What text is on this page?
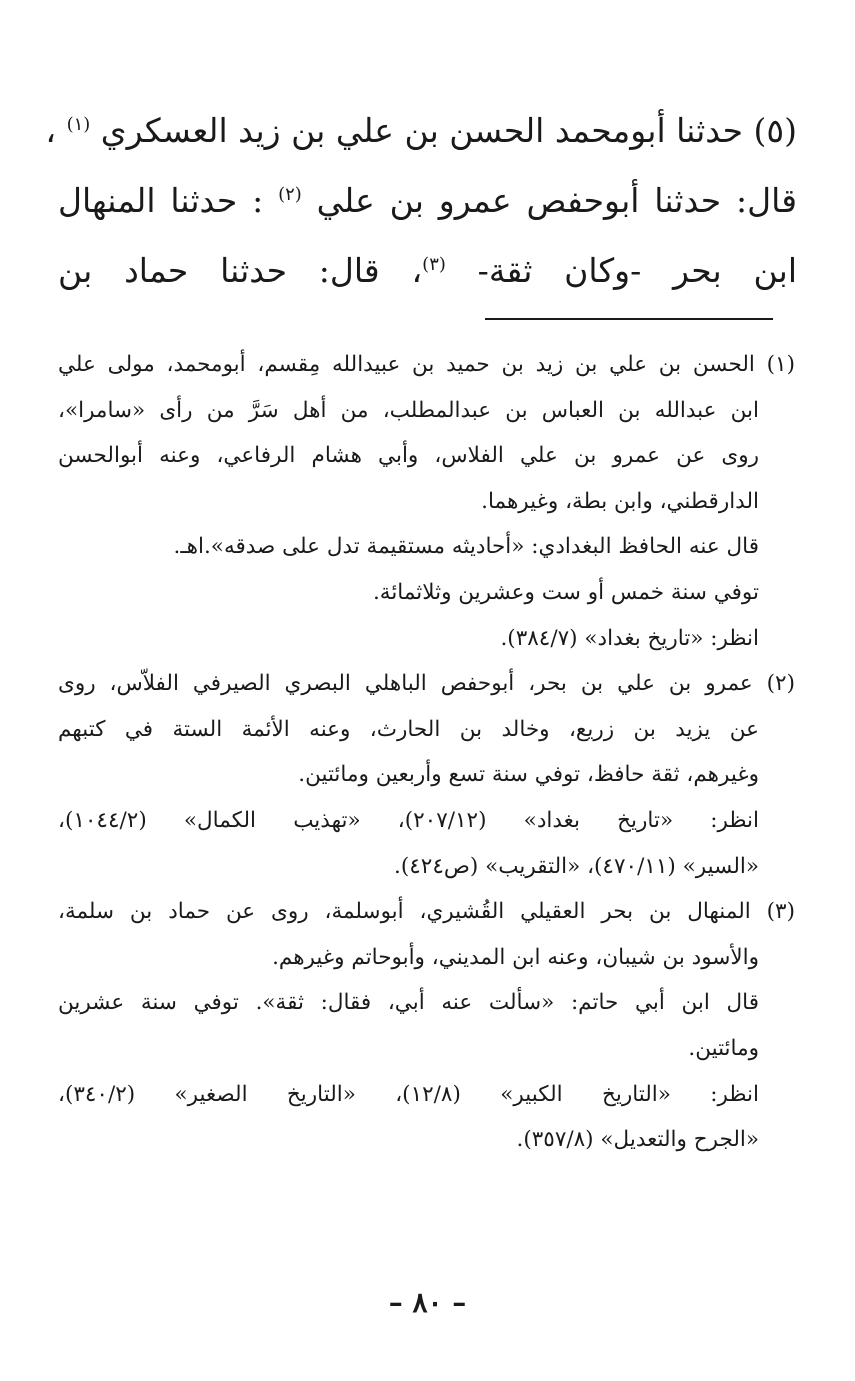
(٥) حدثنا أبومحمد الحسن بن علي بن زيد العسكري $^{(١)}$ ،
قال: حدثنا أبوحفص عمرو بن علي $^{(٢)}$ : حدثنا المنهال
ابن بحر -وكان ثقة- $^{(٣)}$، قال: حدثنا حماد بن
(١) الحسن بن علي بن زيد بن حميد بن عبيدالله مِقسم، أبومحمد، مولى علي
ابن عبدالله بن العباس بن عبدالمطلب، من أهل سَرَّ من رأى «سامرا»،
روى عن عمرو بن علي الفلاس، وأبي هشام الرفاعي، وعنه أبوالحسن
الدارقطني، وابن بطة، وغيرهما.
قال عنه الحافظ البغدادي: «أحاديثه مستقيمة تدل على صدقه».اهـ.
توفي سنة خمس أو ست وعشرين وثلاثمائة.
انظر: «تاريخ بغداد» (٣٨٤/٧).
(٢) عمرو بن علي بن بحر، أبوحفص الباهلي البصري الصيرفي الفلاّس، روى
عن يزيد بن زريع، وخالد بن الحارث، وعنه الأئمة الستة في كتبهم
وغيرهم، ثقة حافظ، توفي سنة تسع وأربعين ومائتين.
انظر: «تاريخ بغداد» (٢٠٧/١٢)، «تهذيب الكمال» (١٠٤٤/٢)،
«السير» (٤٧٠/١١)، «التقريب» (ص٤٢٤).
(٣) المنهال بن بحر العقيلي القُشيري، أبوسلمة، روى عن حماد بن سلمة،
والأسود بن شيبان، وعنه ابن المديني، وأبوحاتم وغيرهم.
قال ابن أبي حاتم: «سألت عنه أبي، فقال: ثقة». توفي سنة عشرين
ومائتين.
انظر: «التاريخ الكبير» (١٢/٨)، «التاريخ الصغير» (٣٤٠/٢)،
«الجرح والتعديل» (٣٥٧/٨).
– ٨٠ –
